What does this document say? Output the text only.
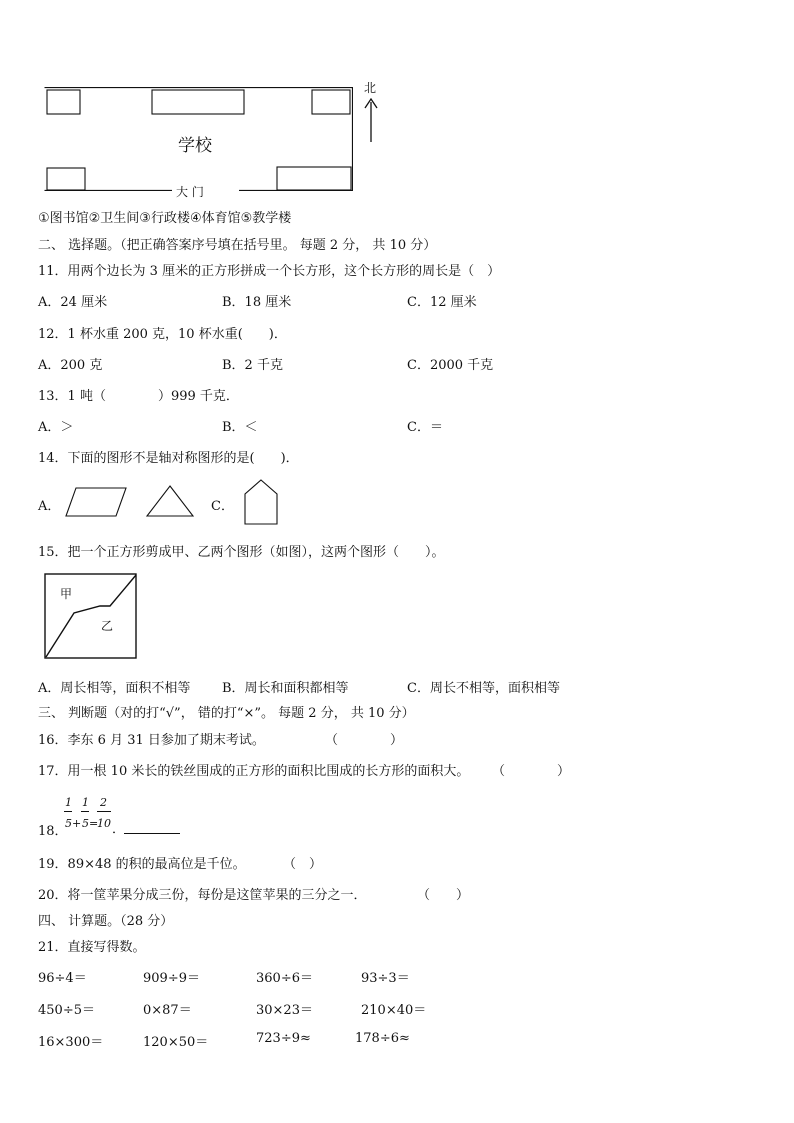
学校
大 门
北
①图书馆②卫生间③行政楼④体育馆⑤教学楼
二、 选择题。（把正确答案序号填在括号里。 每题 2 分， 共 10 分）
11．用两个边长为 3 厘米的正方形拼成一个长方形，这个长方形的周长是（　）
A．24 厘米	B．18 厘米	C．12 厘米
12．1 杯水重 200 克，10 杯水重(　　)．
A．200 克	B．2 千克	C．2000 千克
13．1 吨（　　　　）999 千克．
A．＞	B．＜	C．＝
14．下面的图形不是轴对称图形的是(　　)．
A．	C．
15．把一个正方形剪成甲、乙两个图形（如图），这两个图形（　　）。
甲
乙
A．周长相等，面积不相等 B．周长和面积都相等	C．周长不相等，面积相等
三、 判断题（对的打“√”， 错的打“×”。 每题 2 分， 共 10 分）
16．李东 6 月 31 日参加了期末考试。	（　　　　）
17．用一根 10 米长的铁丝围成的正方形的面积比围成的长方形的面积大。 （　　　　）
18．
1
5 +
1
5 =
2
10 ．
19．89×48 的积的最高位是千位。	（　）
20．将一筐苹果分成三份，每份是这筐苹果的三分之一．	（　　）
四、 计算题。（28 分）
21．直接写得数。
96÷4＝	909÷9＝	360÷6＝	93÷3＝
450÷5＝	0×87＝	30×23＝	210×40＝
16×300＝	120×50＝	723÷9≈	178÷6≈
